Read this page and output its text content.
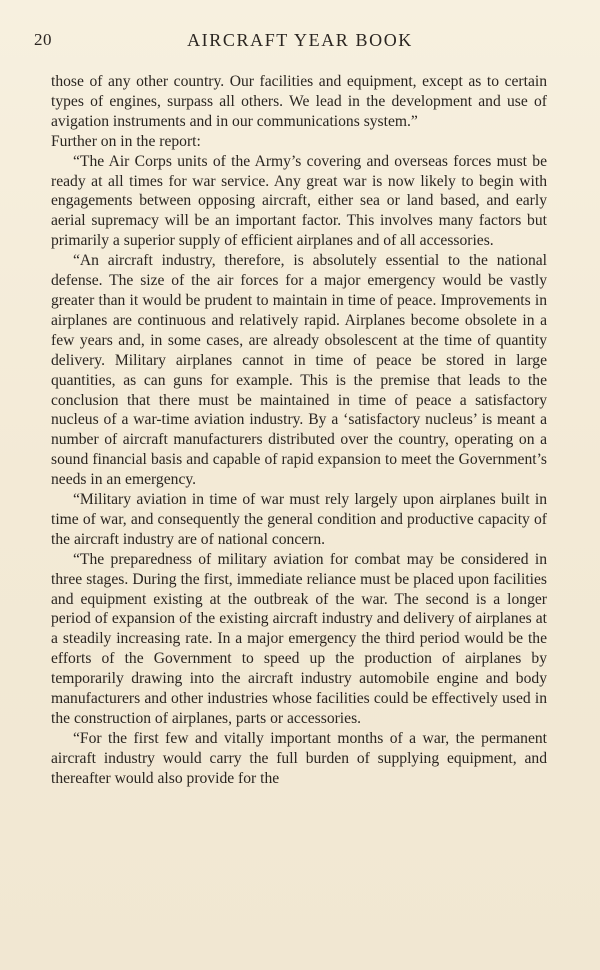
20	AIRCRAFT YEAR BOOK

those of any other country. Our facilities and equipment, except as to certain types of engines, surpass all others. We lead in the development and use of avigation instruments and in our communications system.”

Further on in the report:

“The Air Corps units of the Army’s covering and overseas forces must be ready at all times for war service. Any great war is now likely to begin with engagements between opposing aircraft, either sea or land based, and early aerial supremacy will be an important factor. This involves many factors but primarily a superior supply of efficient airplanes and of all accessories.

“An aircraft industry, therefore, is absolutely essential to the national defense. The size of the air forces for a major emergency would be vastly greater than it would be prudent to maintain in time of peace. Improvements in airplanes are continuous and relatively rapid. Airplanes become obsolete in a few years and, in some cases, are already obsolescent at the time of quantity delivery. Military airplanes cannot in time of peace be stored in large quantities, as can guns for example. This is the premise that leads to the conclusion that there must be maintained in time of peace a satisfactory nucleus of a war-time aviation industry. By a ‘satisfactory nucleus’ is meant a number of aircraft manufacturers distributed over the country, operating on a sound financial basis and capable of rapid expansion to meet the Government’s needs in an emergency.

“Military aviation in time of war must rely largely upon airplanes built in time of war, and consequently the general condition and productive capacity of the aircraft industry are of national concern.

“The preparedness of military aviation for combat may be considered in three stages. During the first, immediate reliance must be placed upon facilities and equipment existing at the outbreak of the war. The second is a longer period of expansion of the existing aircraft industry and delivery of airplanes at a steadily increasing rate. In a major emergency the third period would be the efforts of the Government to speed up the production of airplanes by temporarily drawing into the aircraft industry automobile engine and body manufacturers and other industries whose facilities could be effectively used in the construction of airplanes, parts or accessories.

“For the first few and vitally important months of a war, the permanent aircraft industry would carry the full burden of supplying equipment, and thereafter would also provide for the
